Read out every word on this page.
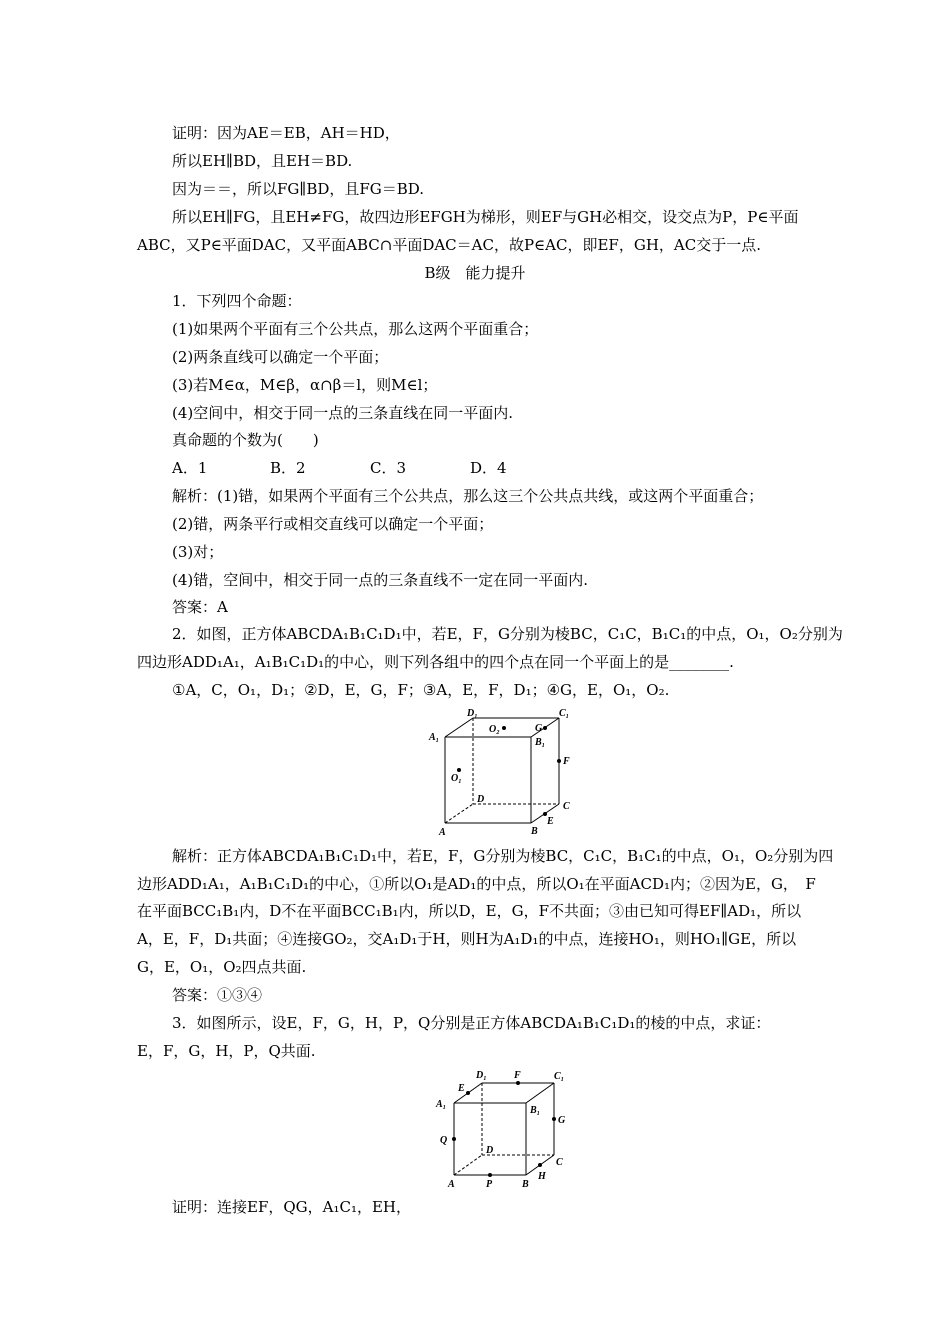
证明：因为AE＝EB，AH＝HD，
所以EH∥BD，且EH＝BD.
因为＝＝，所以FG∥BD，且FG＝BD.
所以EH∥FG，且EH≠FG，故四边形EFGH为梯形，则EF与GH必相交，设交点为P，P∈平面
ABC，又P∈平面DAC，又平面ABC∩平面DAC＝AC，故P∈AC，即EF，GH，AC交于一点.
B级　能力提升
1．下列四个命题：
(1)如果两个平面有三个公共点，那么这两个平面重合；
(2)两条直线可以确定一个平面；
(3)若M∈α，M∈β，α∩β＝l，则M∈l；
(4)空间中，相交于同一点的三条直线在同一平面内.
真命题的个数为(　　)
A．1	B．2	C．3	D．4
解析：(1)错，如果两个平面有三个公共点，那么这三个公共点共线，或这两个平面重合；
(2)错，两条平行或相交直线可以确定一个平面；
(3)对；
(4)错，空间中，相交于同一点的三条直线不一定在同一平面内.
答案：A
2．如图，正方体ABCDA₁B₁C₁D₁中，若E，F，G分别为棱BC，C₁C，B₁C₁的中点，O₁，O₂分别为
四边形ADD₁A₁，A₁B₁C₁D₁的中心，则下列各组中的四个点在同一个平面上的是________.
①A，C，O₁，D₁；②D，E，G，F；③A，E，F，D₁；④G，E，O₁，O₂.
D₁	C₁
A₁	B₁
O₂	G
F
O₁
D
C
A	B
E
解析：正方体ABCDA₁B₁C₁D₁中，若E，F，G分别为棱BC，C₁C，B₁C₁的中点，O₁，O₂分别为四
边形ADD₁A₁，A₁B₁C₁D₁的中心，①所以O₁是AD₁的中点，所以O₁在平面ACD₁内；②因为E，G，　F
在平面BCC₁B₁内，D不在平面BCC₁B₁内，所以D，E，G，F不共面；③由已知可得EF∥AD₁，所以
A，E，F，D₁共面；④连接GO₂，交A₁D₁于H，则H为A₁D₁的中点，连接HO₁，则HO₁∥GE，所以
G，E，O₁，O₂四点共面.
答案：①③④
3．如图所示，设E，F，G，H，P，Q分别是正方体ABCDA₁B₁C₁D₁的棱的中点，求证：
E，F，G，H，P，Q共面.
D₁	F	C₁
E
A₁
B₁
G
Q
D
C
H
A	P	B
证明：连接EF，QG，A₁C₁，EH，
